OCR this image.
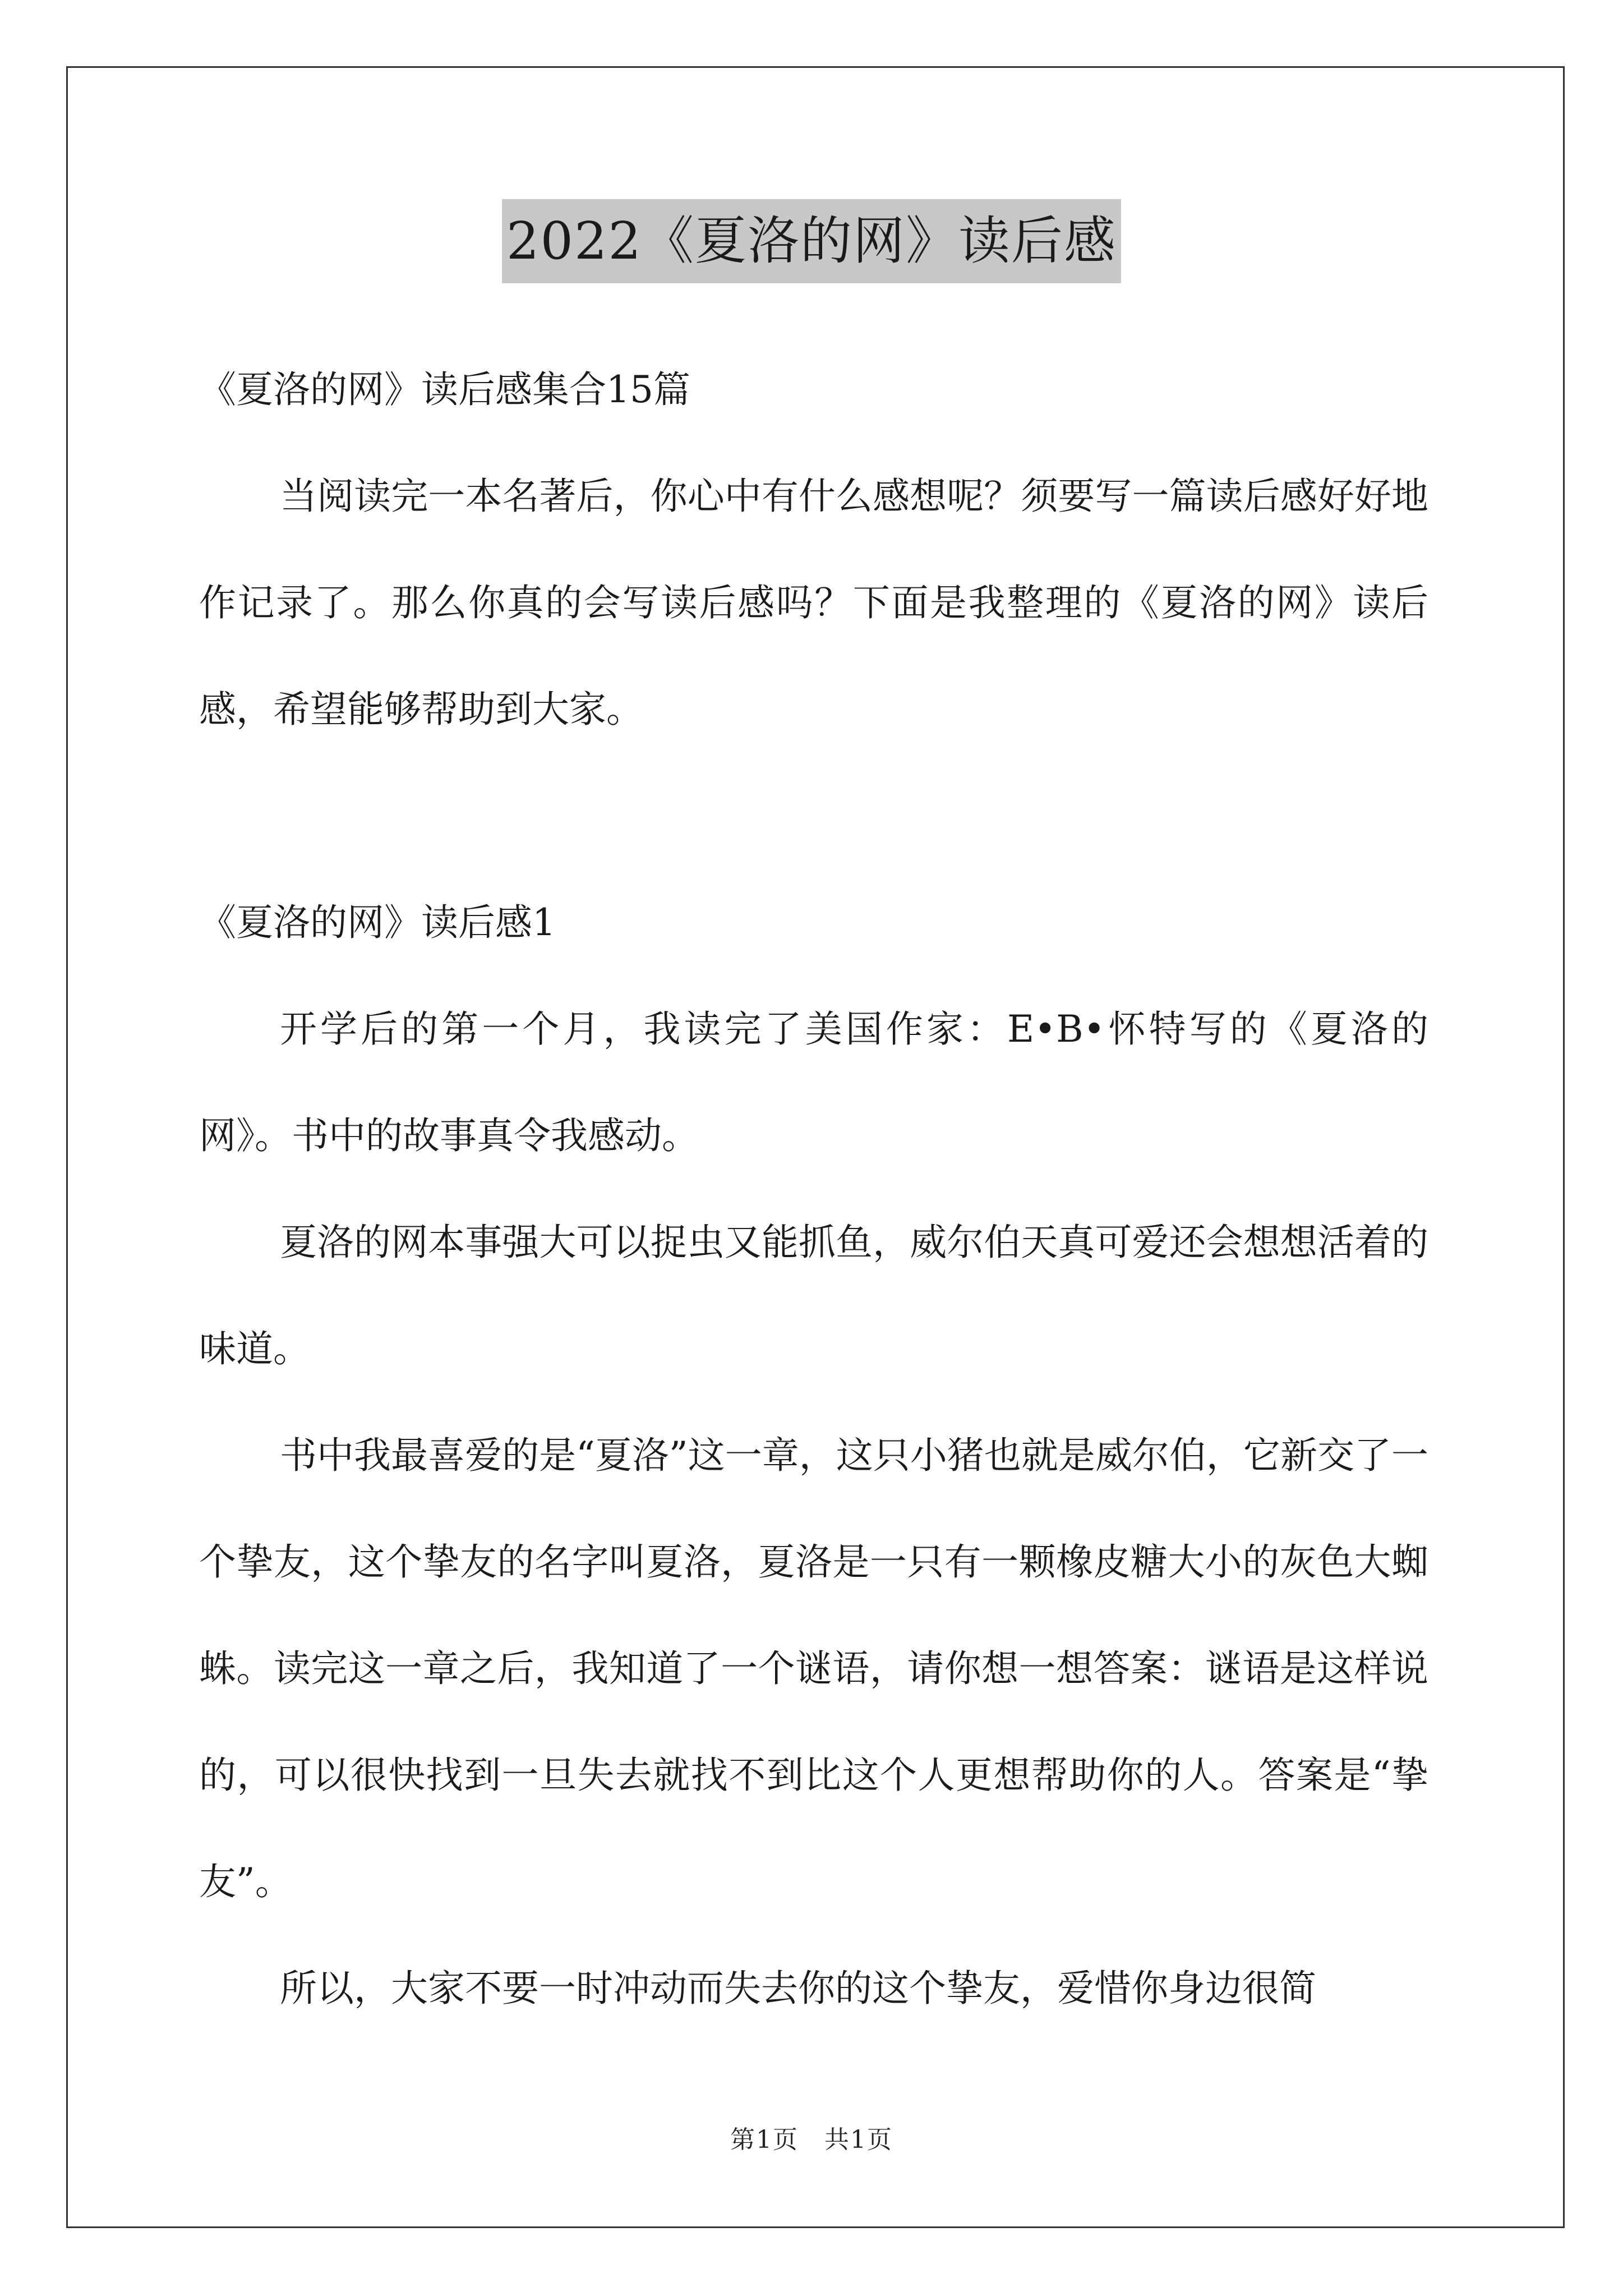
2022《夏洛的网》读后感

《夏洛的网》读后感集合15篇

当阅读完一本名著后，你心中有什么感想呢？须要写一篇读后感好好地作记录了。那么你真的会写读后感吗？下面是我整理的《夏洛的网》读后感，希望能够帮助到大家。

《夏洛的网》读后感1

开学后的第一个月，我读完了美国作家：E•B•怀特写的《夏洛的网》。书中的故事真令我感动。

夏洛的网本事强大可以捉虫又能抓鱼，威尔伯天真可爱还会想想活着的味道。

书中我最喜爱的是“夏洛”这一章，这只小猪也就是威尔伯，它新交了一个挚友，这个挚友的名字叫夏洛，夏洛是一只有一颗橡皮糖大小的灰色大蜘蛛。读完这一章之后，我知道了一个谜语，请你想一想答案：谜语是这样说的，可以很快找到一旦失去就找不到比这个人更想帮助你的人。答案是“挚友”。

所以，大家不要一时冲动而失去你的这个挚友，爱惜你身边很简

第1页　共1页
